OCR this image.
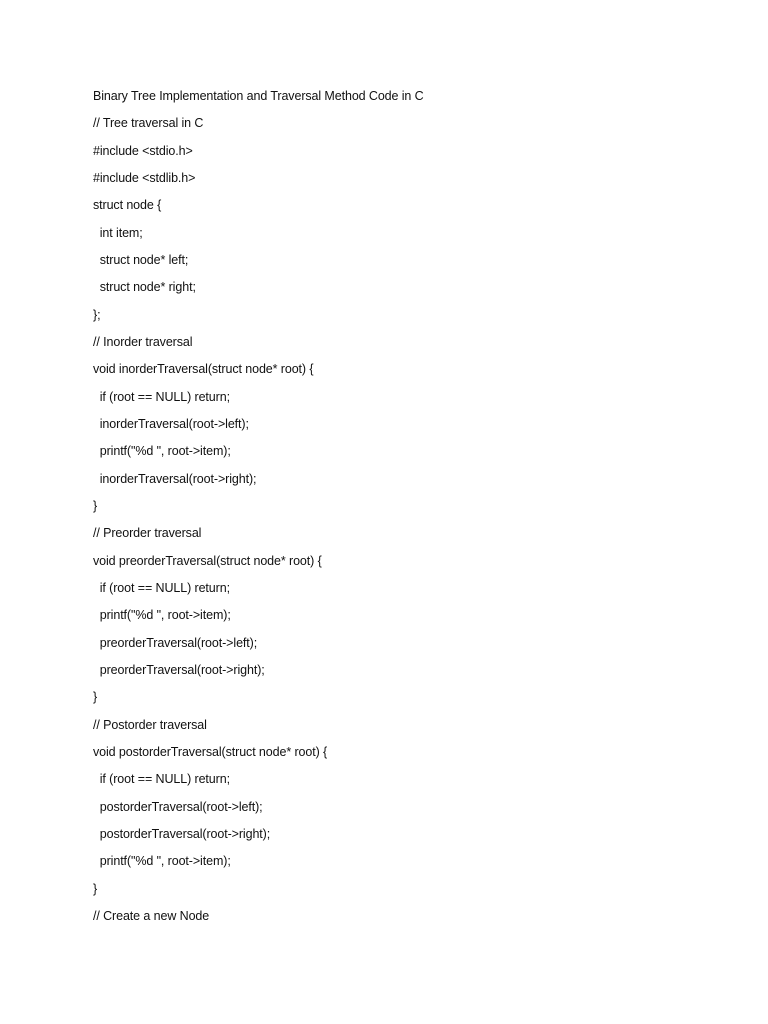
Binary Tree Implementation and Traversal Method Code in C
// Tree traversal in C
#include <stdio.h>
#include <stdlib.h>
struct node {
int item;
struct node* left;
struct node* right;
};
// Inorder traversal
void inorderTraversal(struct node* root) {
if (root == NULL) return;
inorderTraversal(root->left);
printf("%d ", root->item);
inorderTraversal(root->right);
}
// Preorder traversal
void preorderTraversal(struct node* root) {
if (root == NULL) return;
printf("%d ", root->item);
preorderTraversal(root->left);
preorderTraversal(root->right);
}
// Postorder traversal
void postorderTraversal(struct node* root) {
if (root == NULL) return;
postorderTraversal(root->left);
postorderTraversal(root->right);
printf("%d ", root->item);
}
// Create a new Node
